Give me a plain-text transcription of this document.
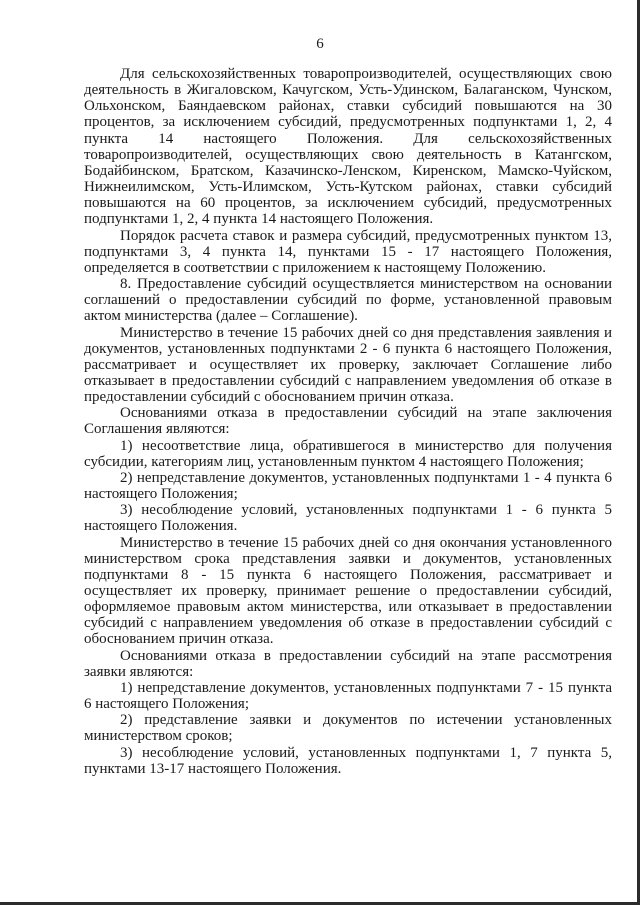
6

Для сельскохозяйственных товаропроизводителей, осуществляющих свою деятельность в Жигаловском, Качугском, Усть-Удинском, Балаганском, Чунском, Ольхонском, Баяндаевском районах, ставки субсидий повышаются на 30 процентов, за исключением субсидий, предусмотренных подпунктами 1, 2, 4 пункта 14 настоящего Положения. Для сельскохозяйственных товаропроизводителей, осуществляющих свою деятельность в Катангском, Бодайбинском, Братском, Казачинско-Ленском, Киренском, Мамско-Чуйском, Нижнеилимском, Усть-Илимском, Усть-Кутском районах, ставки субсидий повышаются на 60 процентов, за исключением субсидий, предусмотренных подпунктами 1, 2, 4 пункта 14 настоящего Положения.

Порядок расчета ставок и размера субсидий, предусмотренных пунктом 13, подпунктами 3, 4 пункта 14, пунктами 15 - 17 настоящего Положения, определяется в соответствии с приложением к настоящему Положению.

8. Предоставление субсидий осуществляется министерством на основании соглашений о предоставлении субсидий по форме, установленной правовым актом министерства (далее – Соглашение).

Министерство в течение 15 рабочих дней со дня представления заявления и документов, установленных подпунктами 2 - 6 пункта 6 настоящего Положения, рассматривает и осуществляет их проверку, заключает Соглашение либо отказывает в предоставлении субсидий с направлением уведомления об отказе в предоставлении субсидий с обоснованием причин отказа.

Основаниями отказа в предоставлении субсидий на этапе заключения Соглашения являются:

1) несоответствие лица, обратившегося в министерство для получения субсидии, категориям лиц, установленным пунктом 4 настоящего Положения;

2) непредставление документов, установленных подпунктами 1 - 4 пункта 6 настоящего Положения;

3) несоблюдение условий, установленных подпунктами 1 - 6 пункта 5 настоящего Положения.

Министерство в течение 15 рабочих дней со дня окончания установленного министерством срока представления заявки и документов, установленных подпунктами 8 - 15 пункта 6 настоящего Положения, рассматривает и осуществляет их проверку, принимает решение о предоставлении субсидий, оформляемое правовым актом министерства, или отказывает в предоставлении субсидий с направлением уведомления об отказе в предоставлении субсидий с обоснованием причин отказа.

Основаниями отказа в предоставлении субсидий на этапе рассмотрения заявки являются:

1) непредставление документов, установленных подпунктами 7 - 15 пункта 6 настоящего Положения;

2) представление заявки и документов по истечении установленных министерством сроков;

3) несоблюдение условий, установленных подпунктами 1, 7 пункта 5, пунктами 13-17 настоящего Положения.
